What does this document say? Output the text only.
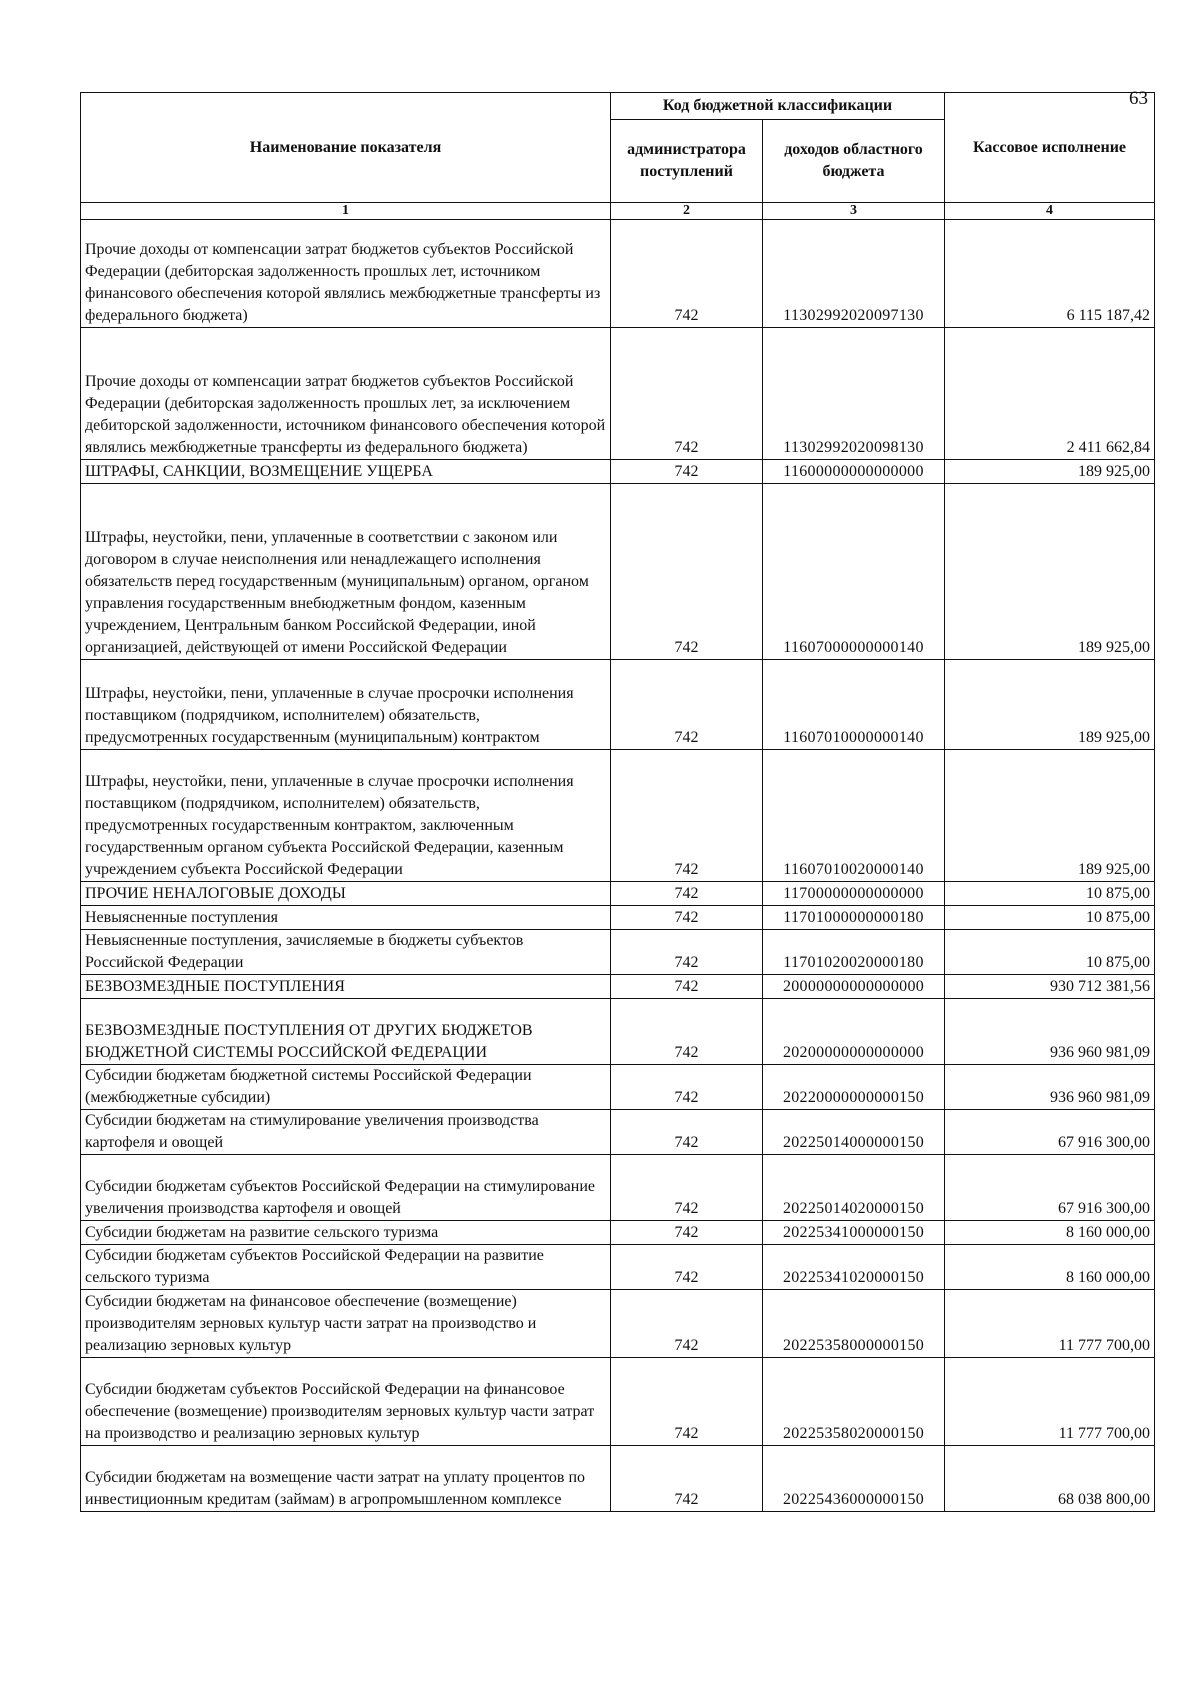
63
Наименование показателя	Код бюджетной классификации		Кассовое исполнение
	администратора поступлений	доходов областного бюджета	
1	2	3	4
Прочие доходы от компенсации затрат бюджетов субъектов Российской Федерации (дебиторская задолженность прошлых лет, источником финансового обеспечения которой являлись межбюджетные трансферты из федерального бюджета)	742	11302992020097130	6 115 187,42
Прочие доходы от компенсации затрат бюджетов субъектов Российской Федерации (дебиторская задолженность прошлых лет, за исключением дебиторской задолженности, источником финансового обеспечения которой являлись межбюджетные трансферты из федерального бюджета)	742	11302992020098130	2 411 662,84
ШТРАФЫ, САНКЦИИ, ВОЗМЕЩЕНИЕ УЩЕРБА	742	11600000000000000	189 925,00
Штрафы, неустойки, пени, уплаченные в соответствии с законом или договором в случае неисполнения или ненадлежащего исполнения обязательств перед государственным (муниципальным) органом, органом управления государственным внебюджетным фондом, казенным учреждением, Центральным банком Российской Федерации, иной организацией, действующей от имени Российской Федерации	742	11607000000000140	189 925,00
Штрафы, неустойки, пени, уплаченные в случае просрочки исполнения поставщиком (подрядчиком, исполнителем) обязательств, предусмотренных государственным (муниципальным) контрактом	742	11607010000000140	189 925,00
Штрафы, неустойки, пени, уплаченные в случае просрочки исполнения поставщиком (подрядчиком, исполнителем) обязательств, предусмотренных государственным контрактом, заключенным государственным органом субъекта Российской Федерации, казенным учреждением субъекта Российской Федерации	742	11607010020000140	189 925,00
ПРОЧИЕ НЕНАЛОГОВЫЕ ДОХОДЫ	742	11700000000000000	10 875,00
Невыясненные поступления	742	11701000000000180	10 875,00
Невыясненные поступления, зачисляемые в бюджеты субъектов Российской Федерации	742	11701020020000180	10 875,00
БЕЗВОЗМЕЗДНЫЕ ПОСТУПЛЕНИЯ	742	20000000000000000	930 712 381,56
БЕЗВОЗМЕЗДНЫЕ ПОСТУПЛЕНИЯ ОТ ДРУГИХ БЮДЖЕТОВ БЮДЖЕТНОЙ СИСТЕМЫ РОССИЙСКОЙ ФЕДЕРАЦИИ	742	20200000000000000	936 960 981,09
Субсидии бюджетам бюджетной системы Российской Федерации (межбюджетные субсидии)	742	20220000000000150	936 960 981,09
Субсидии бюджетам на стимулирование увеличения производства картофеля и овощей	742	20225014000000150	67 916 300,00
Субсидии бюджетам субъектов Российской Федерации на стимулирование увеличения производства картофеля и овощей	742	20225014020000150	67 916 300,00
Субсидии бюджетам на развитие сельского туризма	742	20225341000000150	8 160 000,00
Субсидии бюджетам субъектов Российской Федерации на развитие сельского туризма	742	20225341020000150	8 160 000,00
Субсидии бюджетам на финансовое обеспечение (возмещение) производителям зерновых культур части затрат на производство и реализацию зерновых культур	742	20225358000000150	11 777 700,00
Субсидии бюджетам субъектов Российской Федерации на финансовое обеспечение (возмещение) производителям зерновых культур части затрат на производство и реализацию зерновых культур	742	20225358020000150	11 777 700,00
Субсидии бюджетам на возмещение части затрат на уплату процентов по инвестиционным кредитам (займам) в агропромышленном комплексе	742	20225436000000150	68 038 800,00
